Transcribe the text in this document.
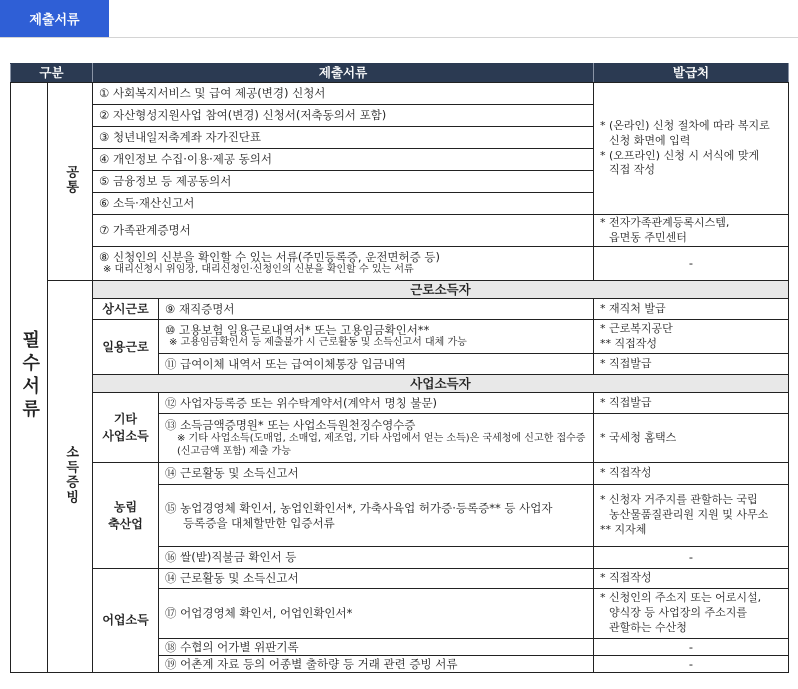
제출서류
구분		제출서류		발급처
필수서류	공통	① 사회복지서비스 및 급여 제공(변경) 신청서		* (온라인) 신청 절차에 따라 복지로
신청 화면에 입력
* (오프라인) 신청 시 서식에 맞게
직접 작성

		② 자산형성지원사업 참여(변경) 신청서(저축동의서 포함)		
		③ 청년내일저축계좌 자가진단표		
		④ 개인정보 수집·이용·제공 동의서		
		⑤ 금융정보 등 제공동의서		
		⑥ 소득·재산신고서		
		⑦ 가족관계증명서		* 전자가족관계등록시스템,
읍면동 주민센터

		⑧ 신청인의 신분을 확인할 수 있는 서류(주민등록증, 운전면허증 등)
※ 대리신청시 위임장, 대리신청인·신청인의 신분을 확인할 수 있는 서류		-
	소득증빙	근로소득자		
		상시근로	⑨ 재직증명서	* 재직처 발급
		일용근로	⑩ 고용보험 일용근로내역서* 또는 고용임금확인서**
※ 고용임금확인서 등 제출불가 시 근로활동 및 소득신고서 대체 가능	* 근로복지공단
** 직접작성

			⑪ 급여이체 내역서 또는 급여이체통장 입금내역	* 직접발급
		사업소득자		

		기타
사업소득	⑫ 사업자등록증 또는 위수탁계약서(계약서 명칭 불문)	* 직접발급

			⑬ 소득금액증명원* 또는 사업소득원천징수영수증
※ 기타 사업소득(도매업, 소매업, 제조업, 기타 사업에서 얻는 소득)은 국세청에 신고한 접수증(신고금액 포함) 제출 가능	* 국세청 홈택스

		농림
축산업	⑭ 근로활동 및 소득신고서	* 직접작성

			⑮ 농업경영체 확인서, 농업인확인서*, 가축사육업 허가증·등록증** 등 사업자
등록증을 대체할만한 입증서류	* 신청자 거주지를 관할하는 국립
농산물품질관리원 지원 및 사무소
** 지자체

			⑯ 쌀(밭)직불금 확인서 등	-
		어업소득	⑭ 근로활동 및 소득신고서	* 직접작성
			⑰ 어업경영체 확인서, 어업인확인서*	* 신청인의 주소지 또는 어로시설,
양식장 등 사업장의 주소지를
관할하는 수산청

			⑱ 수협의 어가별 위판기록	-
			⑲ 어촌계 자료 등의 어종별 출하량 등 거래 관련 증빙 서류	-
